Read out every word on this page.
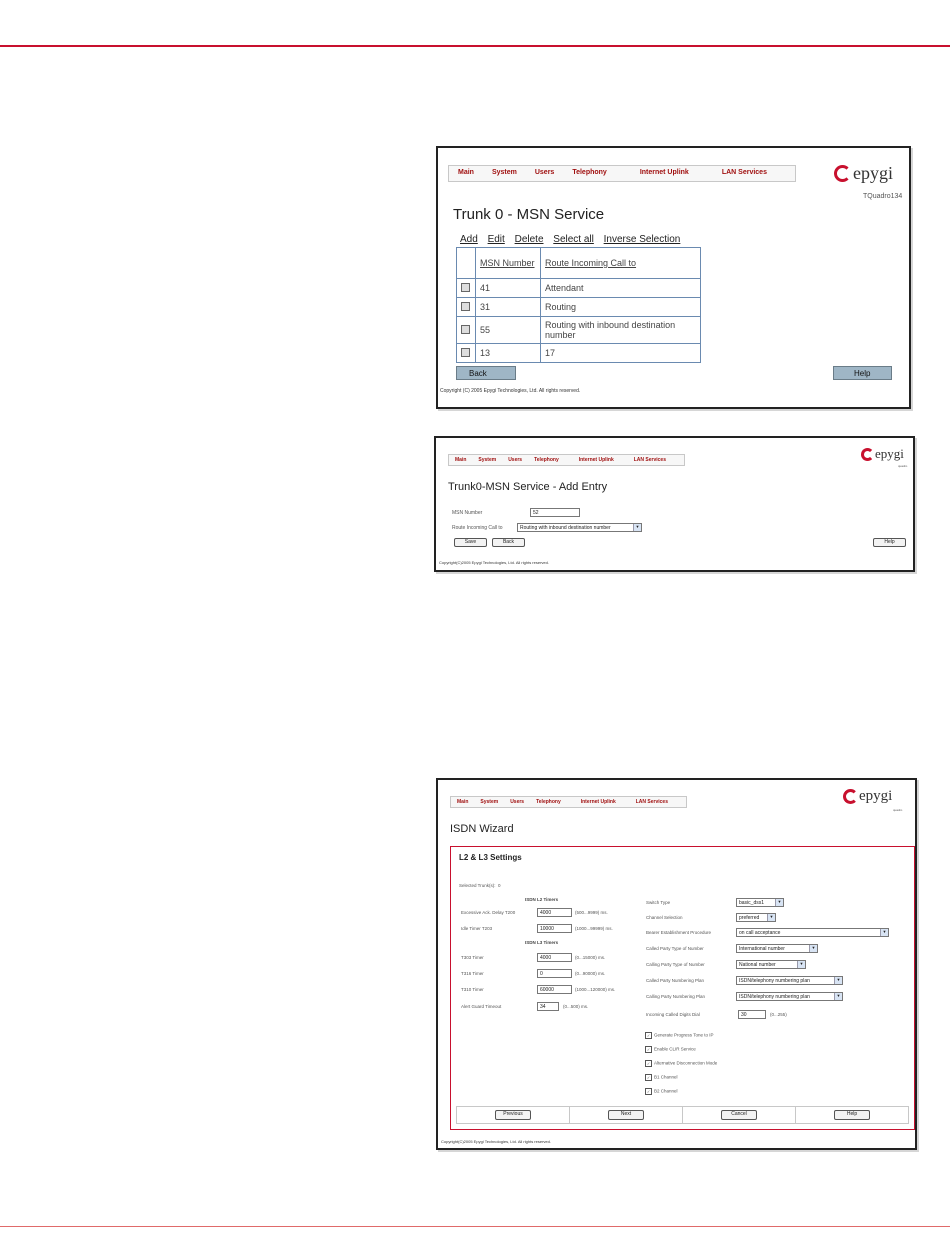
Main	System	Users	Telephony	Internet Uplink	LAN Services	epygi
TQuadro134
Trunk 0 - MSN Service
Add Edit Delete Select all Inverse Selection
	MSN Number	Route Incoming Call to
	41	Attendant
	31	Routing
	55	Routing with inbound destination number
	13	17
Back	Help
Copyright (C) 2005 Epygi Technologies, Ltd. All rights reserved.
Main	System	Users	Telephony	Internet Uplink	LAN Services	epygi
quadro
Trunk0-MSN Service - Add Entry
MSN Number	52
Route Incoming Call to	Routing with inbound destination number	▼
Save	Back	Help
Copyright(C)2005 Epygi Technologies, Ltd. All rights reserved.
Main	System	Users	Telephony	Internet Uplink	LAN Services	epygi
quadro
ISDN Wizard
L2 & L3 Settings
Selected Trunk(s): 0
ISDN L2 Timers
Excessive Ack. Delay T200	4000	(500...9999) ms.
Idle Timer T203	10000	(1000...99999) ms.
ISDN L3 Timers
T303 Timer	4000	(0...15000) ms.
T316 Timer	0	(0...90000) ms.
T310 Timer	60000	(1000...120000) ms.
Alert Guard Timeout	34	(0...500) ms.
Switch Type	basic_dss1	▼
Channel Selection	preferred	▼
Bearer Establishment Procedure	on call acceptance	▼
Called Party Type of Number	International number	▼
Calling Party Type of Number	National number	▼
Called Party Numbering Plan	ISDN/telephony numbering plan	▼
Calling Party Numbering Plan	ISDN/telephony numbering plan	▼
Incoming Called Digits Dial	30	(0...255)
✓ Generate Progress Tone to IP
✓ Enable CLIR Service
✓ Alternative Disconnection Mode
✓ B1 Channel
✓ B2 Channel
Previous	Next	Cancel	Help
Copyright(C)2005 Epygi Technologies, Ltd. All rights reserved.
